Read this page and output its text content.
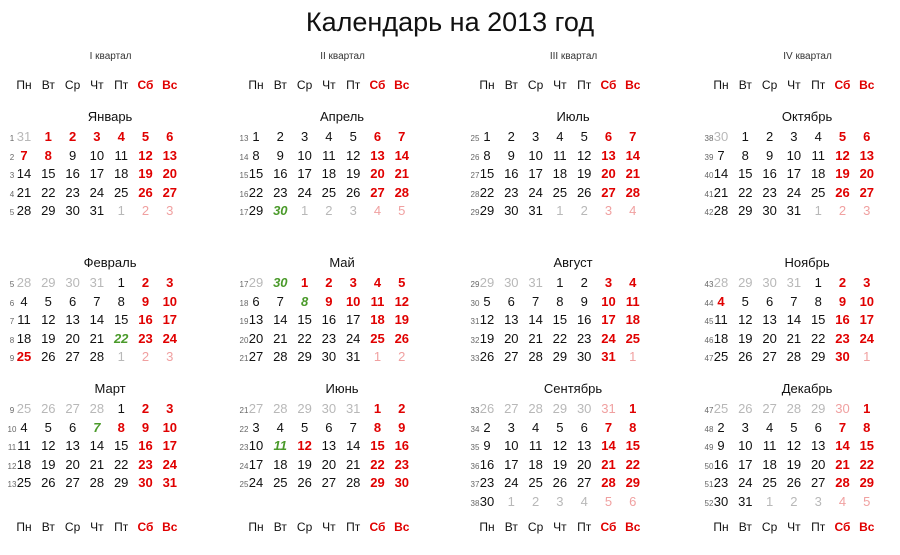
Календарь на 2013 год
I квартал
Пн Вт Ср Чт Пт Сб Вс
Пн Вт Ср Чт Пт Сб Вс
II квартал
Пн Вт Ср Чт Пт Сб Вс
Пн Вт Ср Чт Пт Сб Вс
III квартал
Пн Вт Ср Чт Пт Сб Вс
Пн Вт Ср Чт Пт Сб Вс
IV квартал
Пн Вт Ср Чт Пт Сб Вс
Пн Вт Ср Чт Пт Сб Вс
Январь
1 31	1	2	3	4	5	6
2 7	8	9	10 11 12 13
3 14 15 16 17 18 19 20
4 21 22 23 24 25 26 27
5 28 29 30 31	1	2	3
Февраль
5 28 29 30 31	1	2	3
6 4	5	6	7	8	9	10
7 11 12 13 14 15 16 17
8 18 19 20 21 22 23 24
9 25 26 27 28	1	2	3
Март
9 25 26 27 28	1	2	3
10 4	5	6	7	8	9	10
11 11 12 13 14 15 16 17
12 18 19 20 21 22 23 24
13 25 26 27 28 29 30 31
Апрель
13 1	2	3	4	5	6	7
14 8	9	10 11 12 13 14
15 15 16 17 18 19 20 21
16 22 23 24 25 26 27 28
17 29 30	1	2	3	4	5
Май
17 29 30	1	2	3	4	5
18 6	7	8	9	10 11 12
19 13 14 15 16 17 18 19
20 20 21 22 23 24 25 26
21 27 28 29 30 31	1	2
Июнь
21 27 28 29 30 31	1	2
22 3	4	5	6	7	8	9
23 10 11 12 13 14 15 16
24 17 18 19 20 21 22 23
25 24 25 26 27 28 29 30
Июль
25 1	2	3	4	5	6	7
26 8	9	10 11 12 13 14
27 15 16 17 18 19 20 21
28 22 23 24 25 26 27 28
29 29 30 31	1	2	3	4
Август
29 29 30 31	1	2	3	4
30 5	6	7	8	9	10 11
31 12 13 14 15 16 17 18
32 19 20 21 22 23 24 25
33 26 27 28 29 30 31	1
Сентябрь
33 26 27 28 29 30 31	1
34 2	3	4	5	6	7	8
35 9	10 11 12 13 14 15
36 16 17 18 19 20 21 22
37 23 24 25 26 27 28 29
38 30	1	2	3	4	5	6
Октябрь
38 30	1	2	3	4	5	6
39 7	8	9	10 11 12 13
40 14 15 16 17 18 19 20
41 21 22 23 24 25 26 27
42 28 29 30 31	1	2	3
Ноябрь
43 28 29 30 31	1	2	3
44 4	5	6	7	8	9	10
45 11 12 13 14 15 16 17
46 18 19 20 21 22 23 24
47 25 26 27 28 29 30	1
Декабрь
47 25 26 27 28 29 30	1
48 2	3	4	5	6	7	8
49 9	10 11 12 13 14 15
50 16 17 18 19 20 21 22
51 23 24 25 26 27 28 29
52 30 31	1	2	3	4	5
